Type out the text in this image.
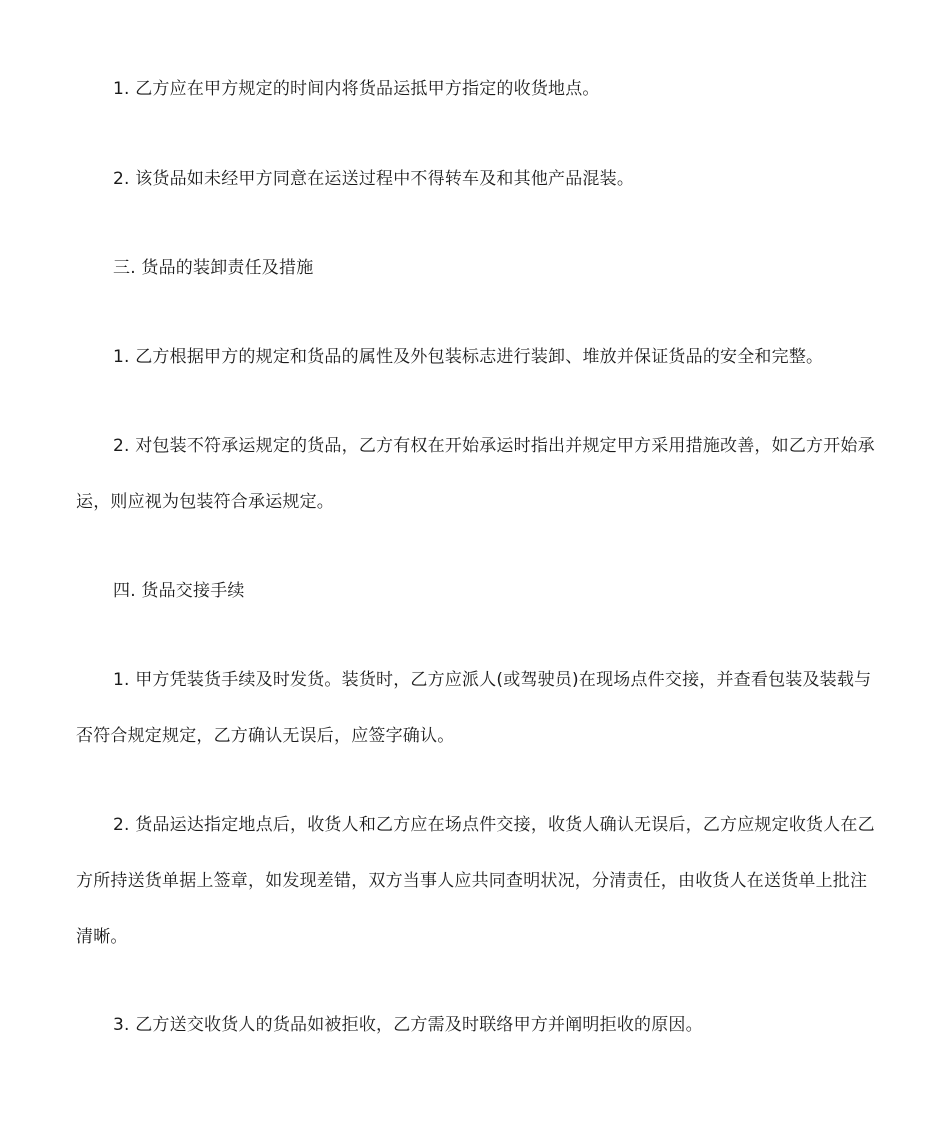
1. 乙方应在甲方规定的时间内将货品运抵甲方指定的收货地点。

2. 该货品如未经甲方同意在运送过程中不得转车及和其他产品混装。

三. 货品的装卸责任及措施

1. 乙方根据甲方的规定和货品的属性及外包装标志进行装卸、堆放并保证货品的安全和完整。

2. 对包装不符承运规定的货品，乙方有权在开始承运时指出并规定甲方采用措施改善，如乙方开始承运，则应视为包装符合承运规定。

四. 货品交接手续

1. 甲方凭装货手续及时发货。装货时，乙方应派人(或驾驶员)在现场点件交接，并查看包装及装载与否符合规定规定，乙方确认无误后，应签字确认。

2. 货品运达指定地点后，收货人和乙方应在场点件交接，收货人确认无误后，乙方应规定收货人在乙方所持送货单据上签章，如发现差错，双方当事人应共同查明状况，分清责任，由收货人在送货单上批注清晰。

3. 乙方送交收货人的货品如被拒收，乙方需及时联络甲方并阐明拒收的原因。
